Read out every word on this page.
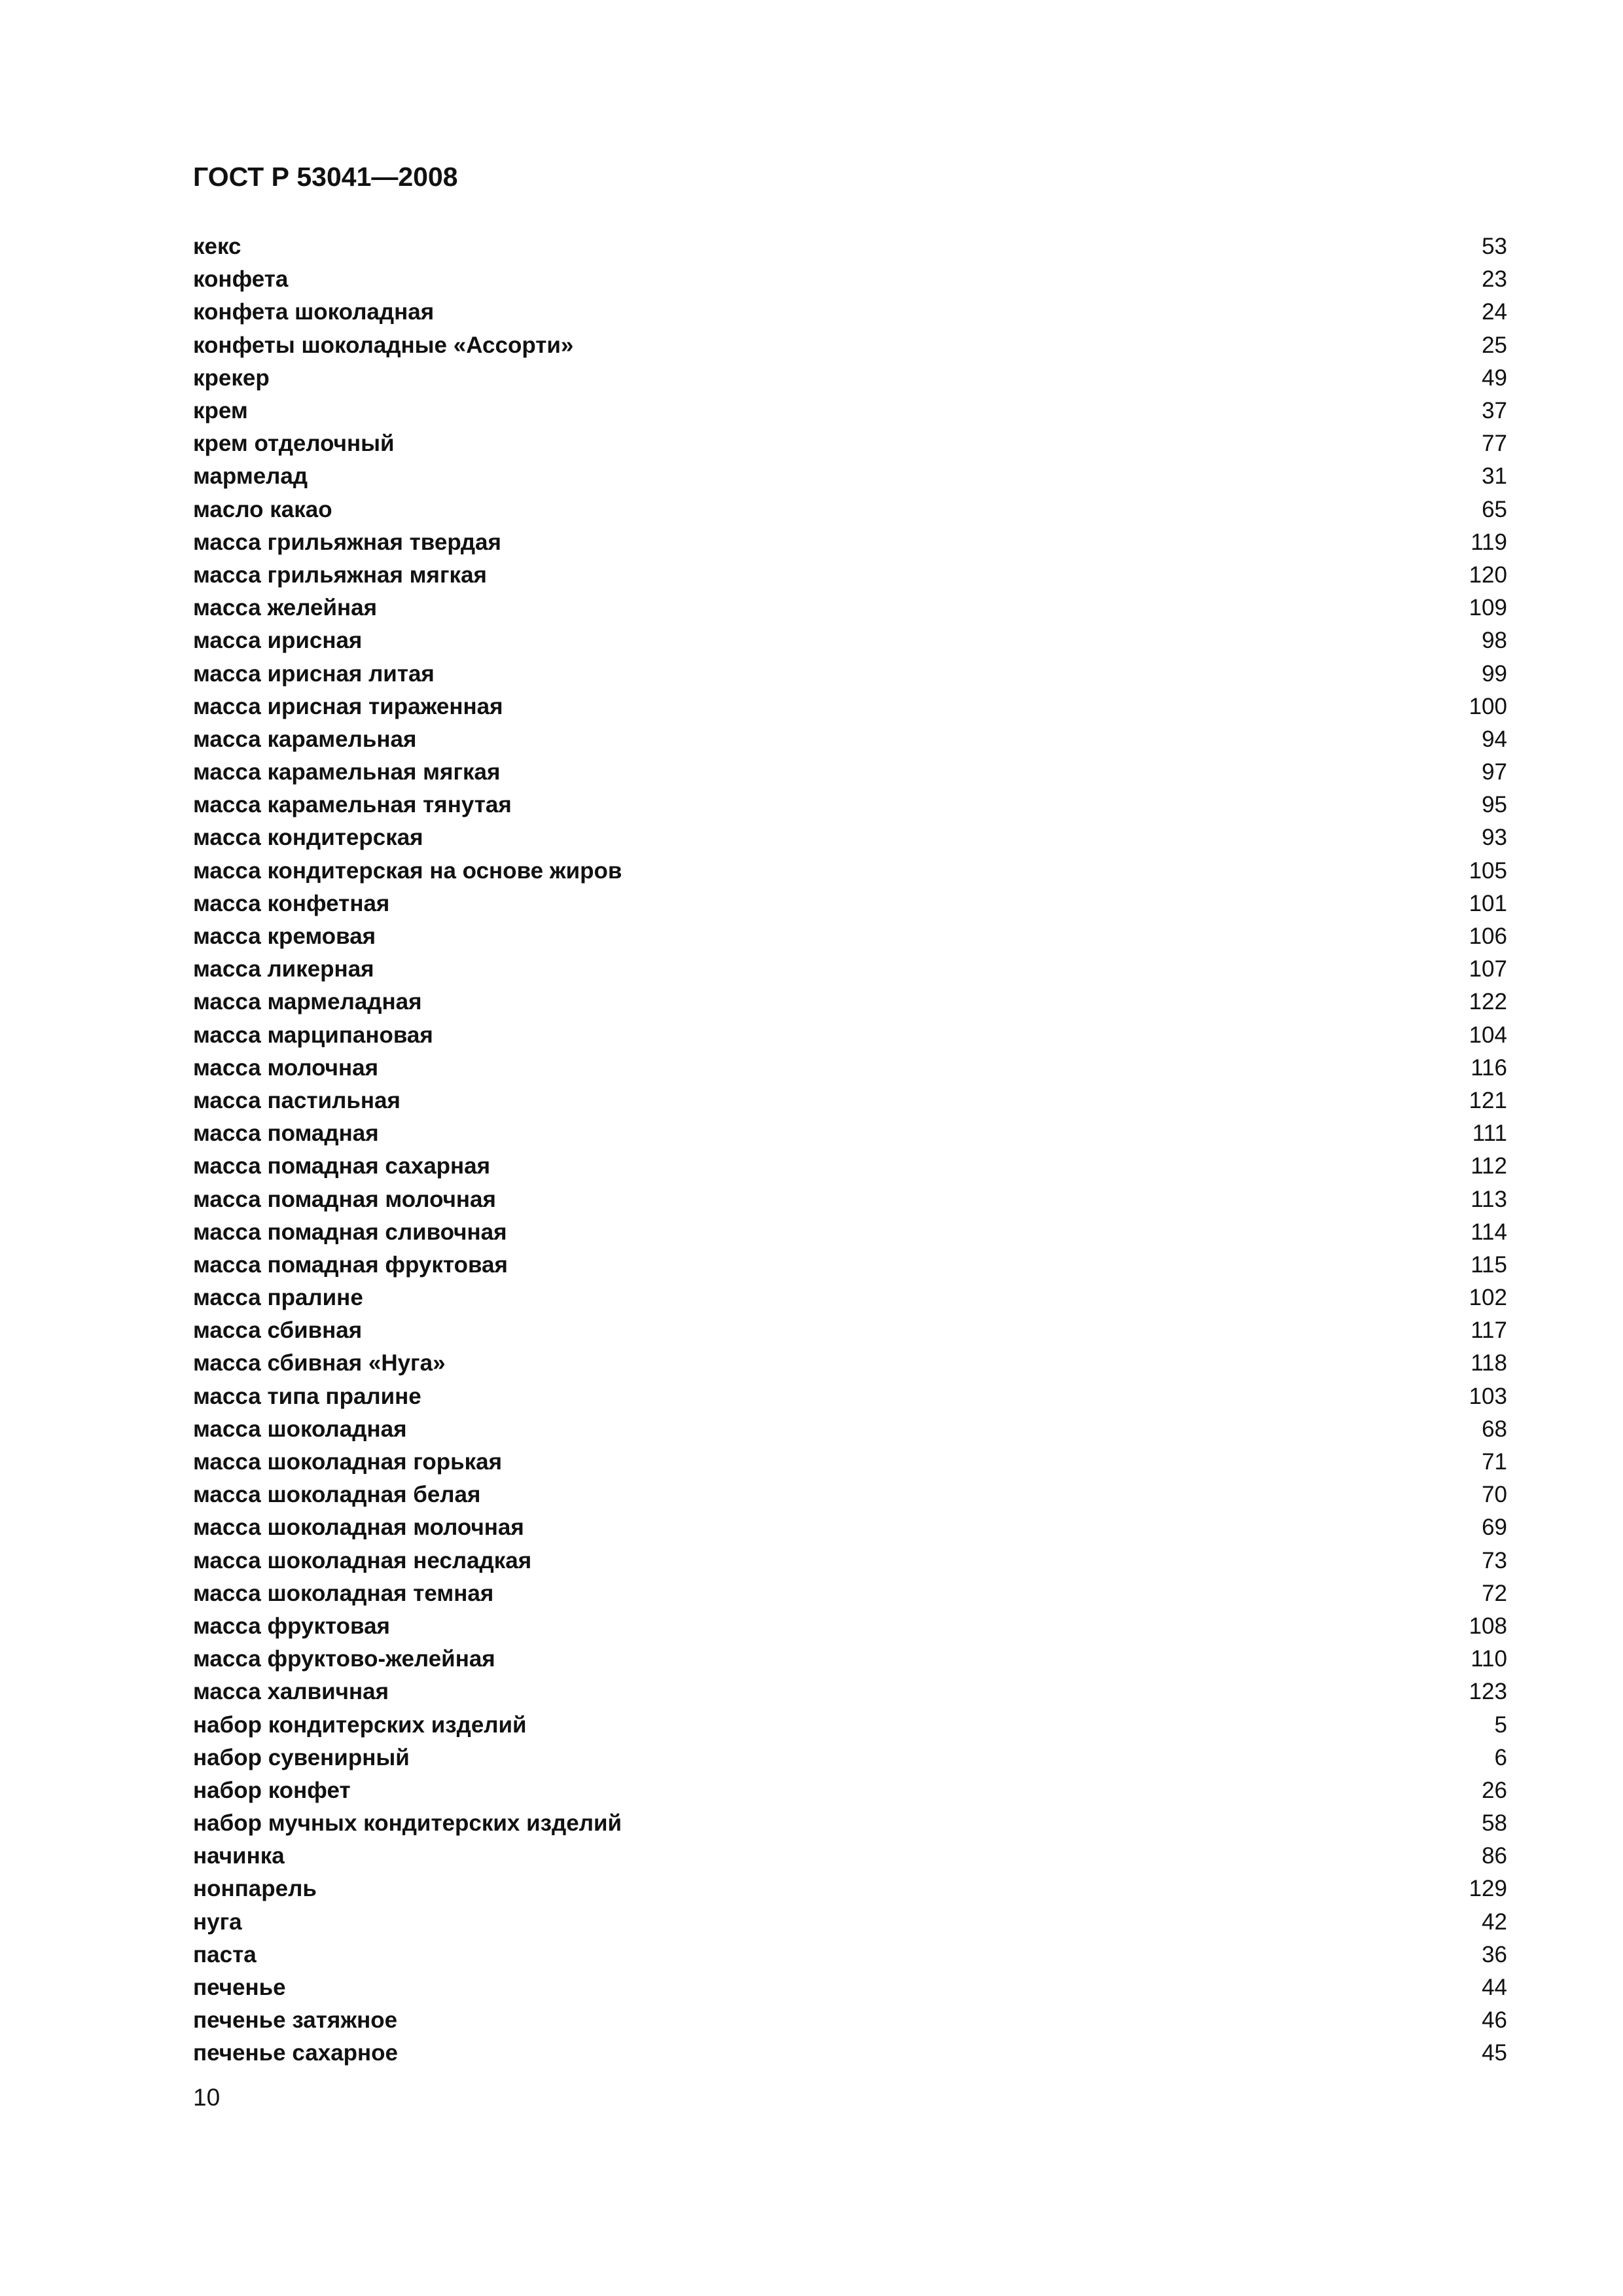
ГОСТ Р 53041—2008
кекс	53
конфета	23
конфета шоколадная	24
конфеты шоколадные «Ассорти»	25
крекер	49
крем	37
крем отделочный	77
мармелад	31
масло какао	65
масса грильяжная твердая	119
масса грильяжная мягкая	120
масса желейная	109
масса ирисная	98
масса ирисная литая	99
масса ирисная тираженная	100
масса карамельная	94
масса карамельная мягкая	97
масса карамельная тянутая	95
масса кондитерская	93
масса кондитерская на основе жиров	105
масса конфетная	101
масса кремовая	106
масса ликерная	107
масса мармеладная	122
масса марципановая	104
масса молочная	116
масса пастильная	121
масса помадная	111
масса помадная сахарная	112
масса помадная молочная	113
масса помадная сливочная	114
масса помадная фруктовая	115
масса пралине	102
масса сбивная	117
масса сбивная «Нуга»	118
масса типа пралине	103
масса шоколадная	68
масса шоколадная горькая	71
масса шоколадная белая	70
масса шоколадная молочная	69
масса шоколадная несладкая	73
масса шоколадная темная	72
масса фруктовая	108
масса фруктово-желейная	110
масса халвичная	123
набор кондитерских изделий	5
набор сувенирный	6
набор конфет	26
набор мучных кондитерских изделий	58
начинка	86
нонпарель	129
нуга	42
паста	36
печенье	44
печенье затяжное	46
печенье сахарное	45
10
